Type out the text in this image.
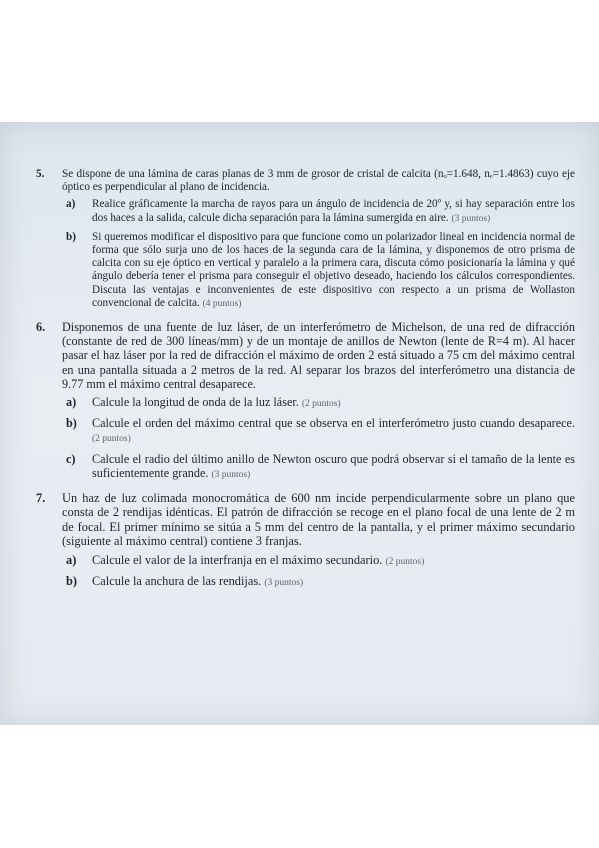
5.	Se dispone de una lámina de caras planas de 3 mm de grosor de cristal de calcita (nₒ=1.648, nₑ=1.4863) cuyo eje óptico es perpendicular al plano de incidencia.
a)	Realice gráficamente la marcha de rayos para un ángulo de incidencia de 20º y, si hay separación entre los dos haces a la salida, calcule dicha separación para la lámina sumergida en aire. (3 puntos)
b)	Si queremos modificar el dispositivo para que funcione como un polarizador lineal en incidencia normal de forma que sólo surja uno de los haces de la segunda cara de la lámina, y disponemos de otro prisma de calcita con su eje óptico en vertical y paralelo a la primera cara, discuta cómo posicionaría la lámina y qué ángulo debería tener el prisma para conseguir el objetivo deseado, haciendo los cálculos correspondientes. Discuta las ventajas e inconvenientes de este dispositivo con respecto a un prisma de Wollaston convencional de calcita. (4 puntos)
6.	Disponemos de una fuente de luz láser, de un interferómetro de Michelson, de una red de difracción (constante de red de 300 líneas/mm) y de un montaje de anillos de Newton (lente de R=4 m). Al hacer pasar el haz láser por la red de difracción el máximo de orden 2 está situado a 75 cm del máximo central en una pantalla situada a 2 metros de la red. Al separar los brazos del interferómetro una distancia de 9.77 mm el máximo central desaparece.
a)	Calcule la longitud de onda de la luz láser. (2 puntos)
b)	Calcule el orden del máximo central que se observa en el interferómetro justo cuando desaparece. (2 puntos)
c)	Calcule el radio del último anillo de Newton oscuro que podrá observar si el tamaño de la lente es suficientemente grande. (3 puntos)
7.	Un haz de luz colimada monocromática de 600 nm incide perpendicularmente sobre un plano que consta de 2 rendijas idénticas. El patrón de difracción se recoge en el plano focal de una lente de 2 m de focal. El primer mínimo se sitúa a 5 mm del centro de la pantalla, y el primer máximo secundario (siguiente al máximo central) contiene 3 franjas.
a)	Calcule el valor de la interfranja en el máximo secundario. (2 puntos)
b)	Calcule la anchura de las rendijas. (3 puntos)
